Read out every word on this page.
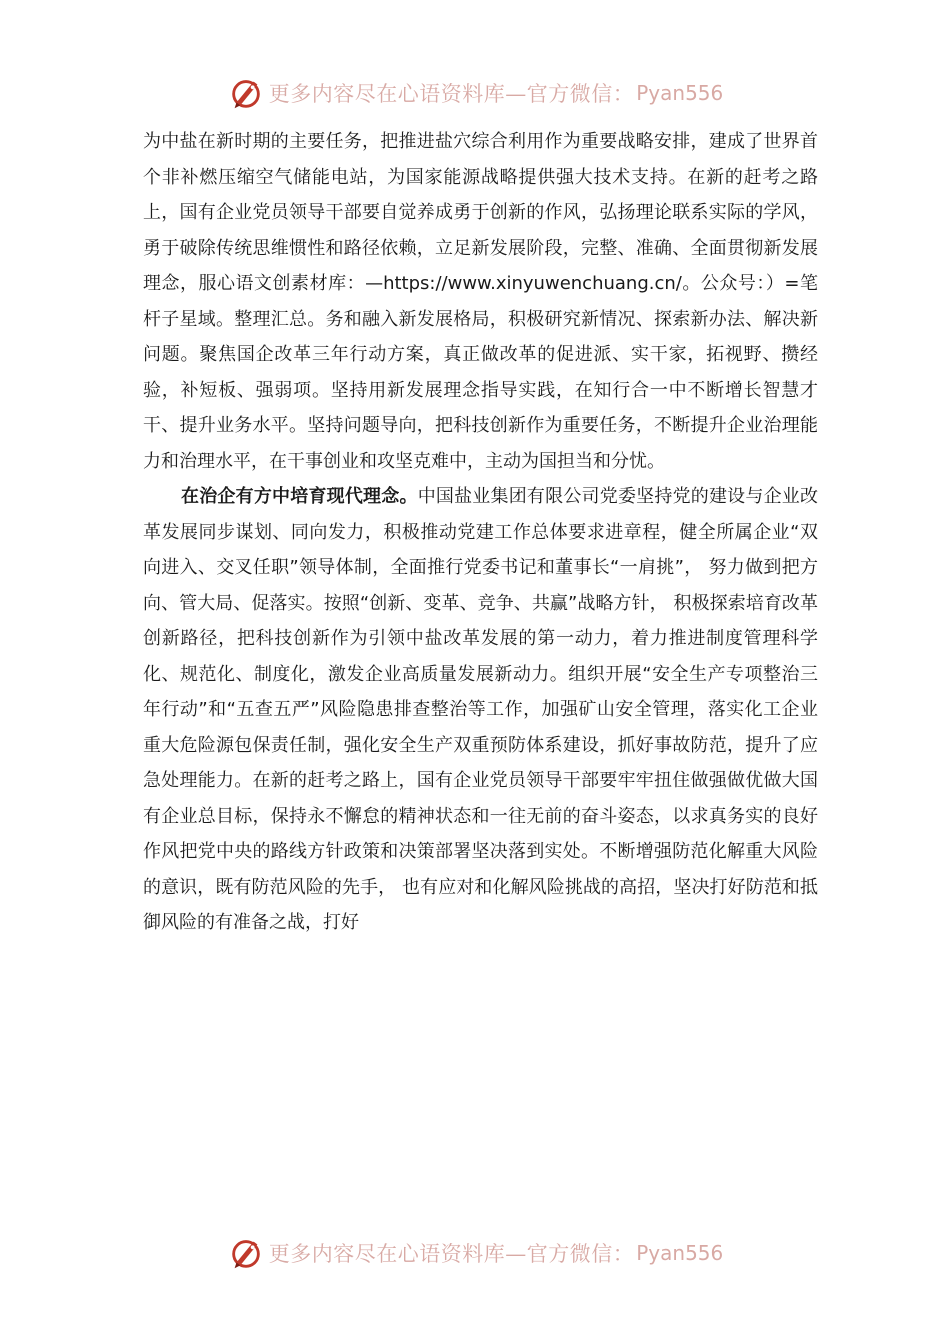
更多内容尽在心语资料库—官方微信： Pyan556

为中盐在新时期的主要任务，把推进盐穴综合利用作为重要战略安排，建成了世界首个非补燃压缩空气储能电站，为国家能源战略提供强大技术支持。在新的赶考之路上，国有企业党员领导干部要自觉养成勇于创新的作风，弘扬理论联系实际的学风，勇于破除传统思维惯性和路径依赖，立足新发展阶段，完整、准确、全面贯彻新发展理念，服心语文创素材库：—https://www.xinyuwenchuang.cn/。公众号：）=笔杆子星域。整理汇总。务和融入新发展格局，积极研究新情况、探索新办法、解决新问题。聚焦国企改革三年行动方案，真正做改革的促进派、实干家，拓视野、攒经验，补短板、强弱项。坚持用新发展理念指导实践，在知行合一中不断增长智慧才干、提升业务水平。坚持问题导向，把科技创新作为重要任务，不断提升企业治理能力和治理水平，在干事创业和攻坚克难中，主动为国担当和分忧。

在治企有方中培育现代理念。中国盐业集团有限公司党委坚持党的建设与企业改革发展同步谋划、同向发力，积极推动党建工作总体要求进章程，健全所属企业“双向进入、交叉任职”领导体制，全面推行党委书记和董事长“一肩挑”， 努力做到把方向、管大局、促落实。按照“创新、变革、竞争、共赢”战略方针， 积极探索培育改革创新路径，把科技创新作为引领中盐改革发展的第一动力，着力推进制度管理科学化、规范化、制度化，激发企业高质量发展新动力。组织开展“安全生产专项整治三年行动”和“五查五严”风险隐患排查整治等工作，加强矿山安全管理，落实化工企业重大危险源包保责任制，强化安全生产双重预防体系建设，抓好事故防范，提升了应急处理能力。在新的赶考之路上，国有企业党员领导干部要牢牢扭住做强做优做大国有企业总目标，保持永不懈怠的精神状态和一往无前的奋斗姿态，以求真务实的良好作风把党中央的路线方针政策和决策部署坚决落到实处。不断增强防范化解重大风险的意识，既有防范风险的先手， 也有应对和化解风险挑战的高招，坚决打好防范和抵御风险的有准备之战，打好

更多内容尽在心语资料库—官方微信： Pyan556
